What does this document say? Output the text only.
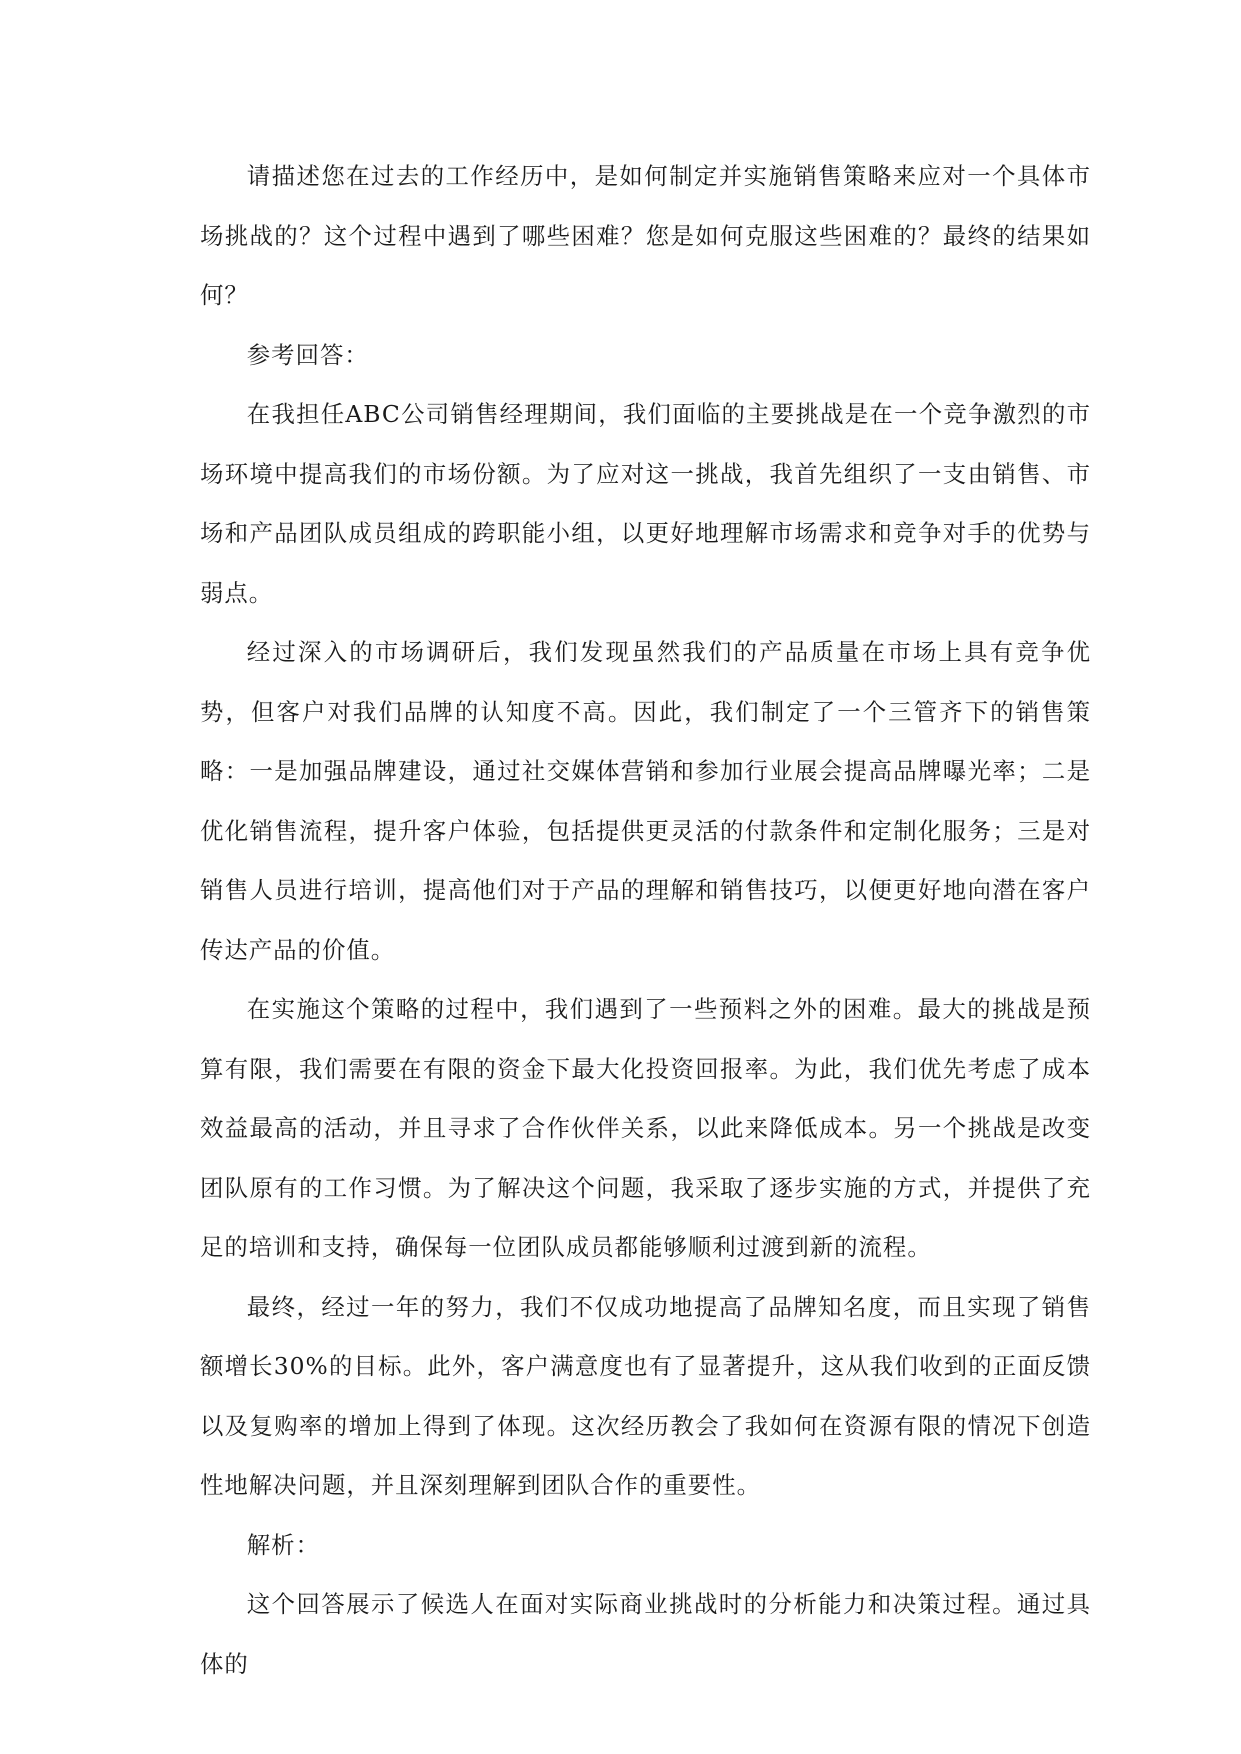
请描述您在过去的工作经历中，是如何制定并实施销售策略来应对一个具体市场挑战的？这个过程中遇到了哪些困难？您是如何克服这些困难的？最终的结果如何？

参考回答：

在我担任ABC公司销售经理期间，我们面临的主要挑战是在一个竞争激烈的市场环境中提高我们的市场份额。为了应对这一挑战，我首先组织了一支由销售、市场和产品团队成员组成的跨职能小组，以更好地理解市场需求和竞争对手的优势与弱点。

经过深入的市场调研后，我们发现虽然我们的产品质量在市场上具有竞争优势，但客户对我们品牌的认知度不高。因此，我们制定了一个三管齐下的销售策略：一是加强品牌建设，通过社交媒体营销和参加行业展会提高品牌曝光率；二是优化销售流程，提升客户体验，包括提供更灵活的付款条件和定制化服务；三是对销售人员进行培训，提高他们对于产品的理解和销售技巧，以便更好地向潜在客户传达产品的价值。

在实施这个策略的过程中，我们遇到了一些预料之外的困难。最大的挑战是预算有限，我们需要在有限的资金下最大化投资回报率。为此，我们优先考虑了成本效益最高的活动，并且寻求了合作伙伴关系，以此来降低成本。另一个挑战是改变团队原有的工作习惯。为了解决这个问题，我采取了逐步实施的方式，并提供了充足的培训和支持，确保每一位团队成员都能够顺利过渡到新的流程。

最终，经过一年的努力，我们不仅成功地提高了品牌知名度，而且实现了销售额增长30%的目标。此外，客户满意度也有了显著提升，这从我们收到的正面反馈以及复购率的增加上得到了体现。这次经历教会了我如何在资源有限的情况下创造性地解决问题，并且深刻理解到团队合作的重要性。

解析：

这个回答展示了候选人在面对实际商业挑战时的分析能力和决策过程。通过具体的
